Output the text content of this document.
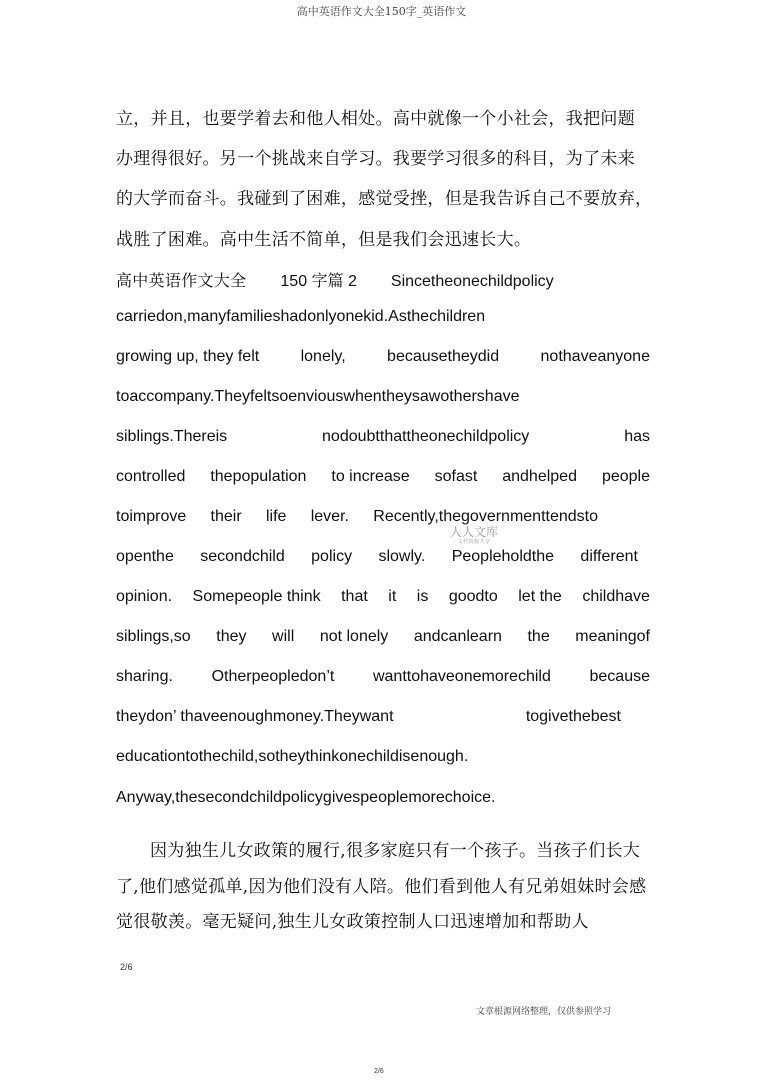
高中英语作文大全150字_英语作文
立，并且，也要学着去和他人相处。高中就像一个小社会，我把问题
办理得很好。另一个挑战来自学习。我要学习很多的科目，为了未来
的大学而奋斗。我碰到了困难，感觉受挫，但是我告诉自己不要放弃，
战胜了困难。高中生活不简单，但是我们会迅速长大。
高中英语作文大全 150 字篇 2 Sincetheonechildpolicy
carriedon,manyfamilieshadonlyonekid.Asthechildren
growing up, they felt	lonely,	becausetheydid	nothaveanyone
toaccompany.Theyfeltsoenviouswhentheysawothershave
siblings.Thereis	nodoubtthattheonechildpolicy	has
controlled thepopulation to increase sofast andhelped people
toimprove their life lever. Recently,thegovernmenttendsto
人人文库
文档资源共享
openthe secondchild policy slowly. Peopleholdthe different
opinion. Somepeople think that it is goodto let the childhave
siblings,so they will not lonely andcanlearn the meaningof
sharing. Otherpeopledon’t wanttohaveonemorechild because
theydon’ thaveenoughmoney.Theywant	togivethebest
educationtothechild,sotheythinkonechildisenough.
Anyway,thesecondchildpolicygivespeoplemorechoice.
因为独生儿女政策的履行,很多家庭只有一个孩子。当孩子们长大
了,他们感觉孤单,因为他们没有人陪。他们看到他人有兄弟姐妹时会感
觉很敬羡。毫无疑问,独生儿女政策控制人口迅速增加和帮助人
2/6
文章根源网络整理，仅供参照学习
2/6
